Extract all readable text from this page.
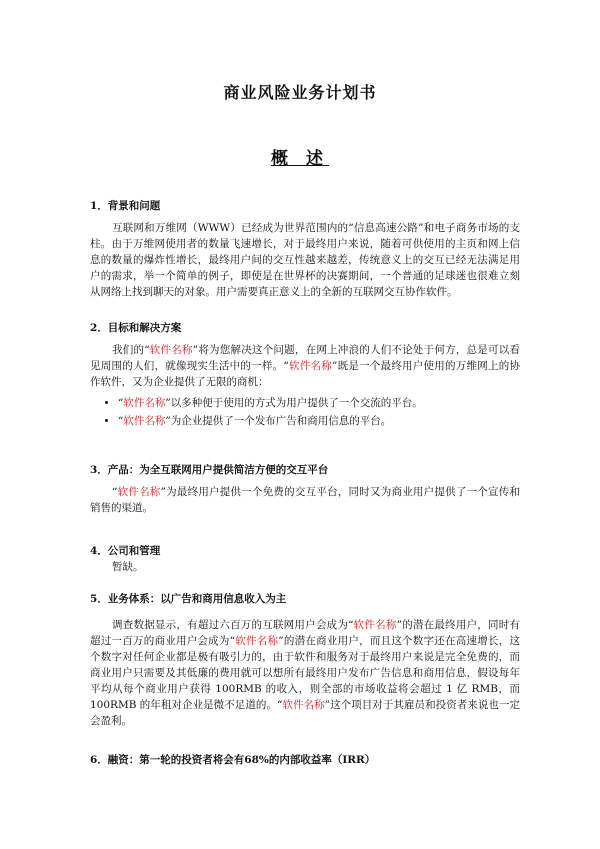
商业风险业务计划书
概 述

1．背景和问题

互联网和万维网（WWW）已经成为世界范围内的“信息高速公路”和电子商务市场的支柱。由于万维网使用者的数量飞速增长，对于最终用户来说，随着可供使用的主页和网上信息的数量的爆炸性增长，最终用户间的交互性越来越差，传统意义上的交互已经无法满足用户的需求，举一个简单的例子，即使是在世界杯的决赛期间，一个普通的足球迷也很难立刻从网络上找到聊天的对象。用户需要真正意义上的全新的互联网交互协作软件。

2．目标和解决方案

我们的“软件名称”将为您解决这个问题，在网上冲浪的人们不论处于何方，总是可以看见周围的人们，就像现实生活中的一样。“软件名称”既是一个最终用户使用的万维网上的协作软件，又为企业提供了无限的商机：

• “软件名称”以多种便于使用的方式为用户提供了一个交流的平台。
• “软件名称”为企业提供了一个发布广告和商用信息的平台。

3．产品：为全互联网用户提供简洁方便的交互平台

“软件名称”为最终用户提供一个免费的交互平台，同时又为商业用户提供了一个宣传和销售的渠道。

4．公司和管理

暂缺。

5．业务体系：以广告和商用信息收入为主

调查数据显示，有超过六百万的互联网用户会成为“软件名称”的潜在最终用户，同时有超过一百万的商业用户会成为“软件名称”的潜在商业用户，而且这个数字还在高速增长，这个数字对任何企业都是极有吸引力的，由于软件和服务对于最终用户来说是完全免费的，而商业用户只需要及其低廉的费用就可以想所有最终用户发布广告信息和商用信息，假设每年平均从每个商业用户获得 100RMB 的收入，则全部的市场收益将会超过 1 亿 RMB，而 100RMB 的年租对企业是微不足道的。“软件名称”这个项目对于其雇员和投资者来说也一定会盈利。

6．融资：第一轮的投资者将会有68%的内部收益率（IRR）
